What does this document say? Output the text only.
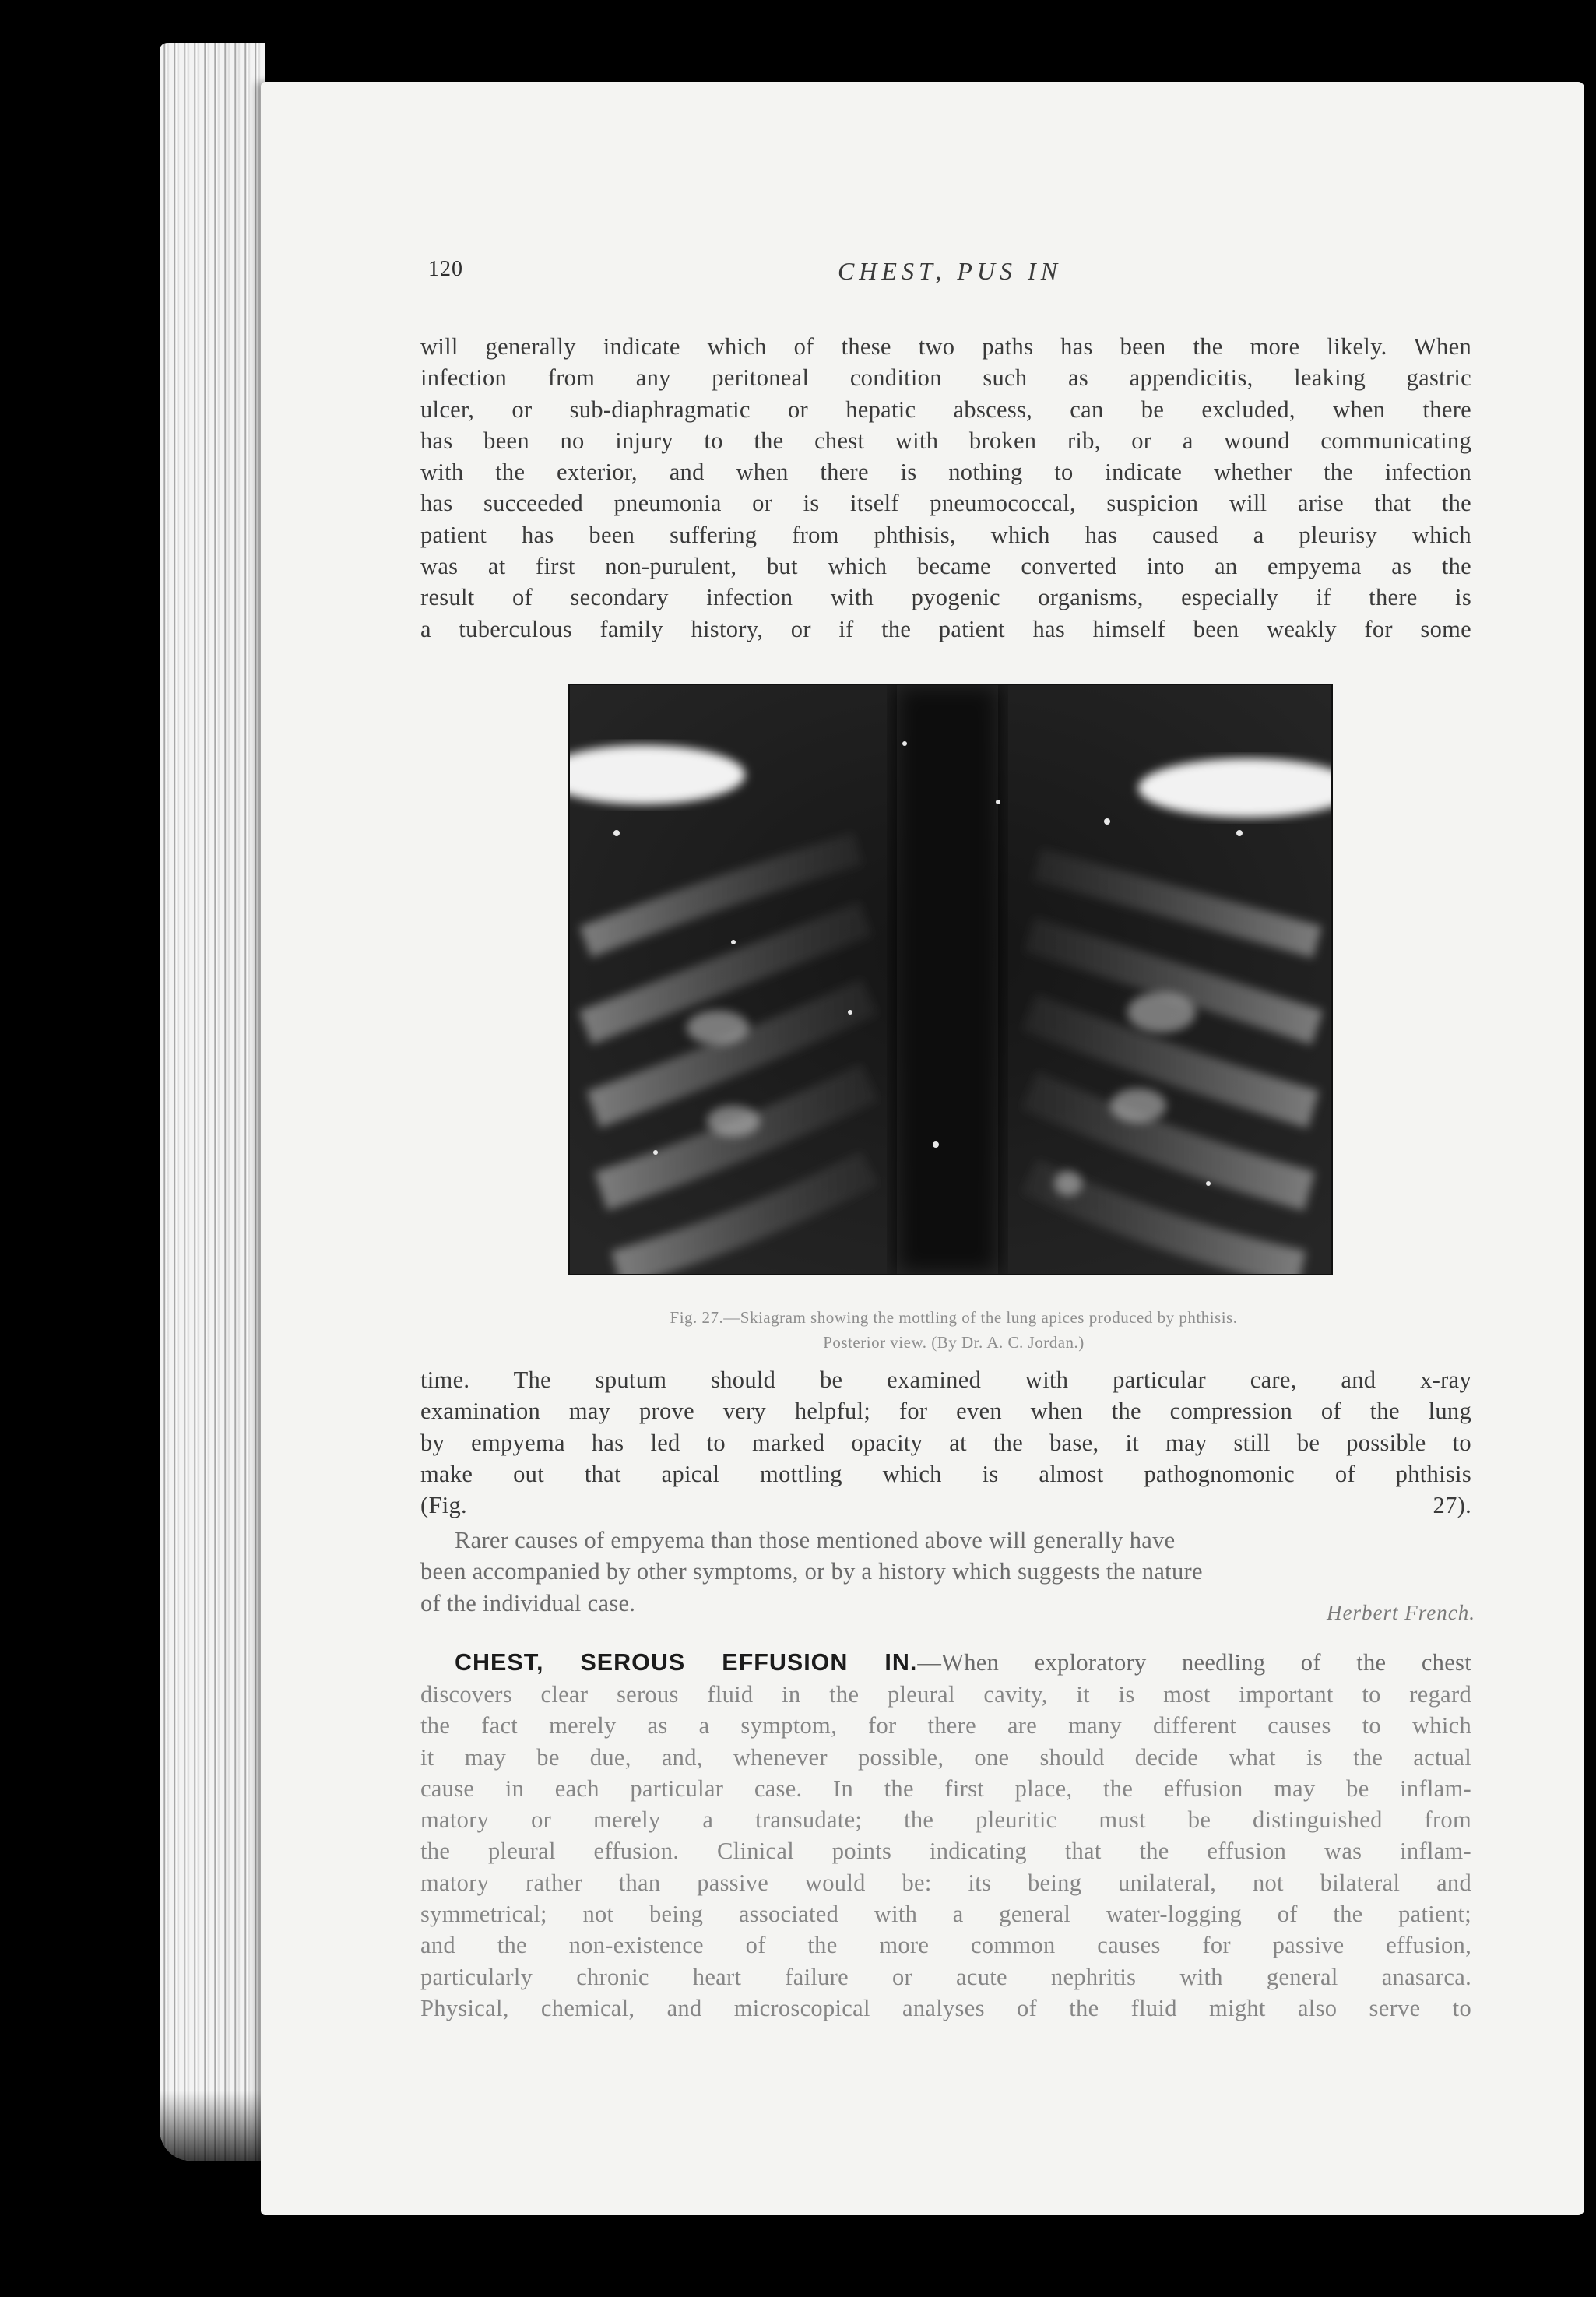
120	CHEST, PUS IN

will generally indicate which of these two paths has been the more likely. When
infection from any peritoneal condition such as appendicitis, leaking gastric
ulcer, or sub-diaphragmatic or hepatic abscess, can be excluded, when there
has been no injury to the chest with broken rib, or a wound communicating
with the exterior, and when there is nothing to indicate whether the infection
has succeeded pneumonia or is itself pneumococcal, suspicion will arise that the
patient has been suffering from phthisis, which has caused a pleurisy which
was at first non-purulent, but which became converted into an empyema as the
result of secondary infection with pyogenic organisms, especially if there is
a tuberculous family history, or if the patient has himself been weakly for some

Fig. 27.—Skiagram showing the mottling of the lung apices produced by phthisis.
Posterior view. (By Dr. A. C. Jordan.)

time. The sputum should be examined with particular care, and x-ray
examination may prove very helpful; for even when the compression of the lung
by empyema has led to marked opacity at the base, it may still be possible to
make out that apical mottling which is almost pathognomonic of phthisis
(Fig. 27).

Rarer causes of empyema than those mentioned above will generally have
been accompanied by other symptoms, or by a history which suggests the nature
of the individual case.	Herbert French.

CHEST, SEROUS EFFUSION IN.—When exploratory needling of the chest

discovers clear serous fluid in the pleural cavity, it is most important to regard
the fact merely as a symptom, for there are many different causes to which
it may be due, and, whenever possible, one should decide what is the actual
cause in each particular case. In the first place, the effusion may be inflam-
matory or merely a transudate; the pleuritic must be distinguished from
the pleural effusion. Clinical points indicating that the effusion was inflam-
matory rather than passive would be: its being unilateral, not bilateral and
symmetrical; not being associated with a general water-logging of the patient;
and the non-existence of the more common causes for passive effusion,
particularly chronic heart failure or acute nephritis with general anasarca.
Physical, chemical, and microscopical analyses of the fluid might also serve to
